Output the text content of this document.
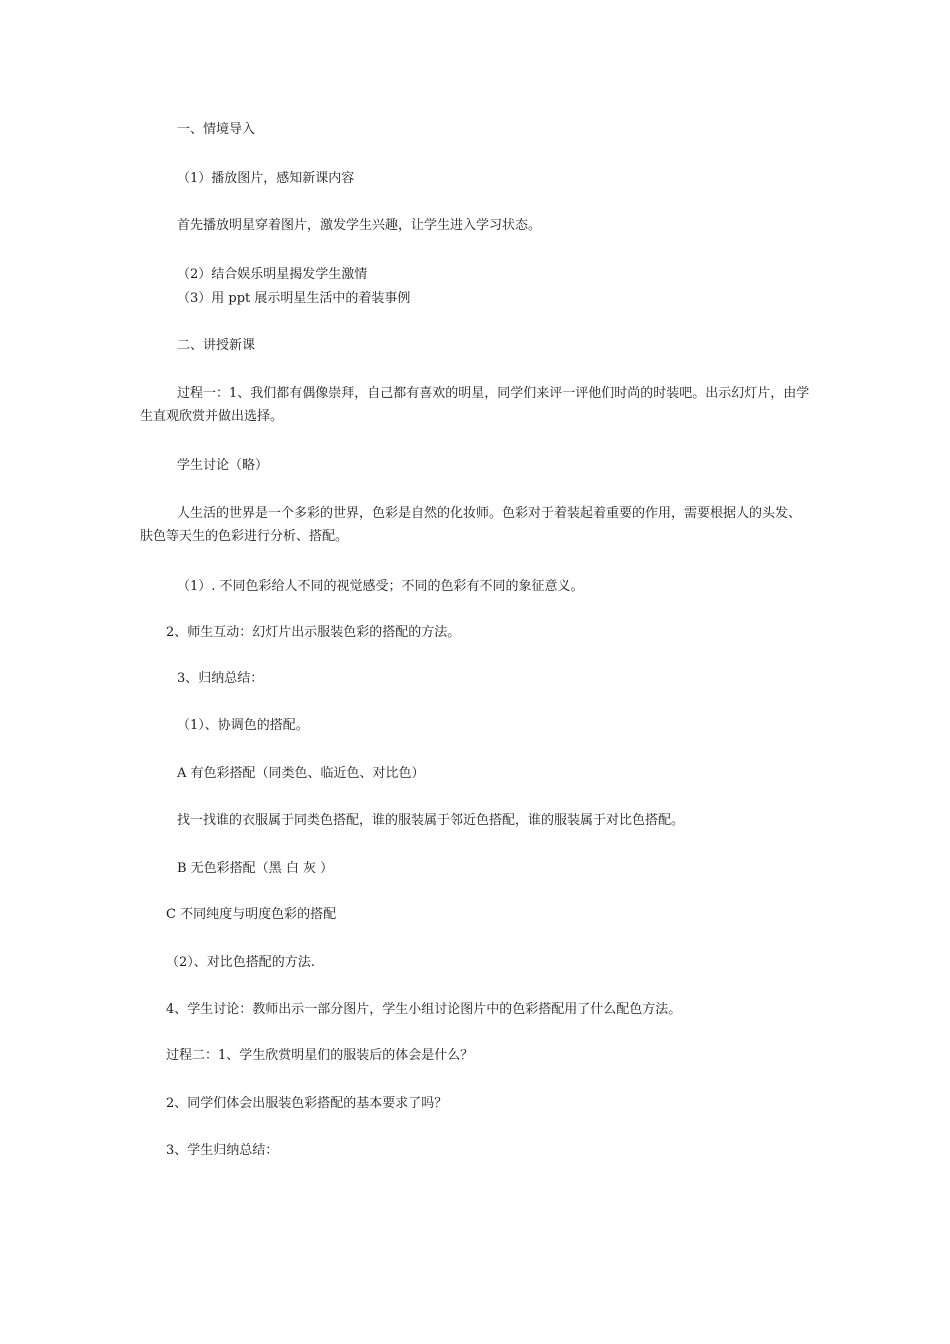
一、情境导入

（1）播放图片，感知新课内容

首先播放明星穿着图片，激发学生兴趣，让学生进入学习状态。

（2）结合娱乐明星揭发学生激情

（3）用 ppt 展示明星生活中的着装事例

二、讲授新课

过程一：1、我们都有偶像崇拜，自己都有喜欢的明星，同学们来评一评他们时尚的时装吧。出示幻灯片，由学生直观欣赏并做出选择。

学生讨论（略）

人生活的世界是一个多彩的世界，色彩是自然的化妆师。色彩对于着装起着重要的作用，需要根据人的头发、肤色等天生的色彩进行分析、搭配。

（1）. 不同色彩给人不同的视觉感受；不同的色彩有不同的象征意义。

2、师生互动：幻灯片出示服装色彩的搭配的方法。

3、归纳总结：

（1）、协调色的搭配。

A 有色彩搭配（同类色、临近色、对比色）

找一找谁的衣服属于同类色搭配，谁的服装属于邻近色搭配，谁的服装属于对比色搭配。

B 无色彩搭配（黑 白 灰 ）

C 不同纯度与明度色彩的搭配

（2）、对比色搭配的方法.

4、学生讨论：教师出示一部分图片，学生小组讨论图片中的色彩搭配用了什么配色方法。

过程二：1、学生欣赏明星们的服装后的体会是什么？

2、同学们体会出服装色彩搭配的基本要求了吗？

3、学生归纳总结：
